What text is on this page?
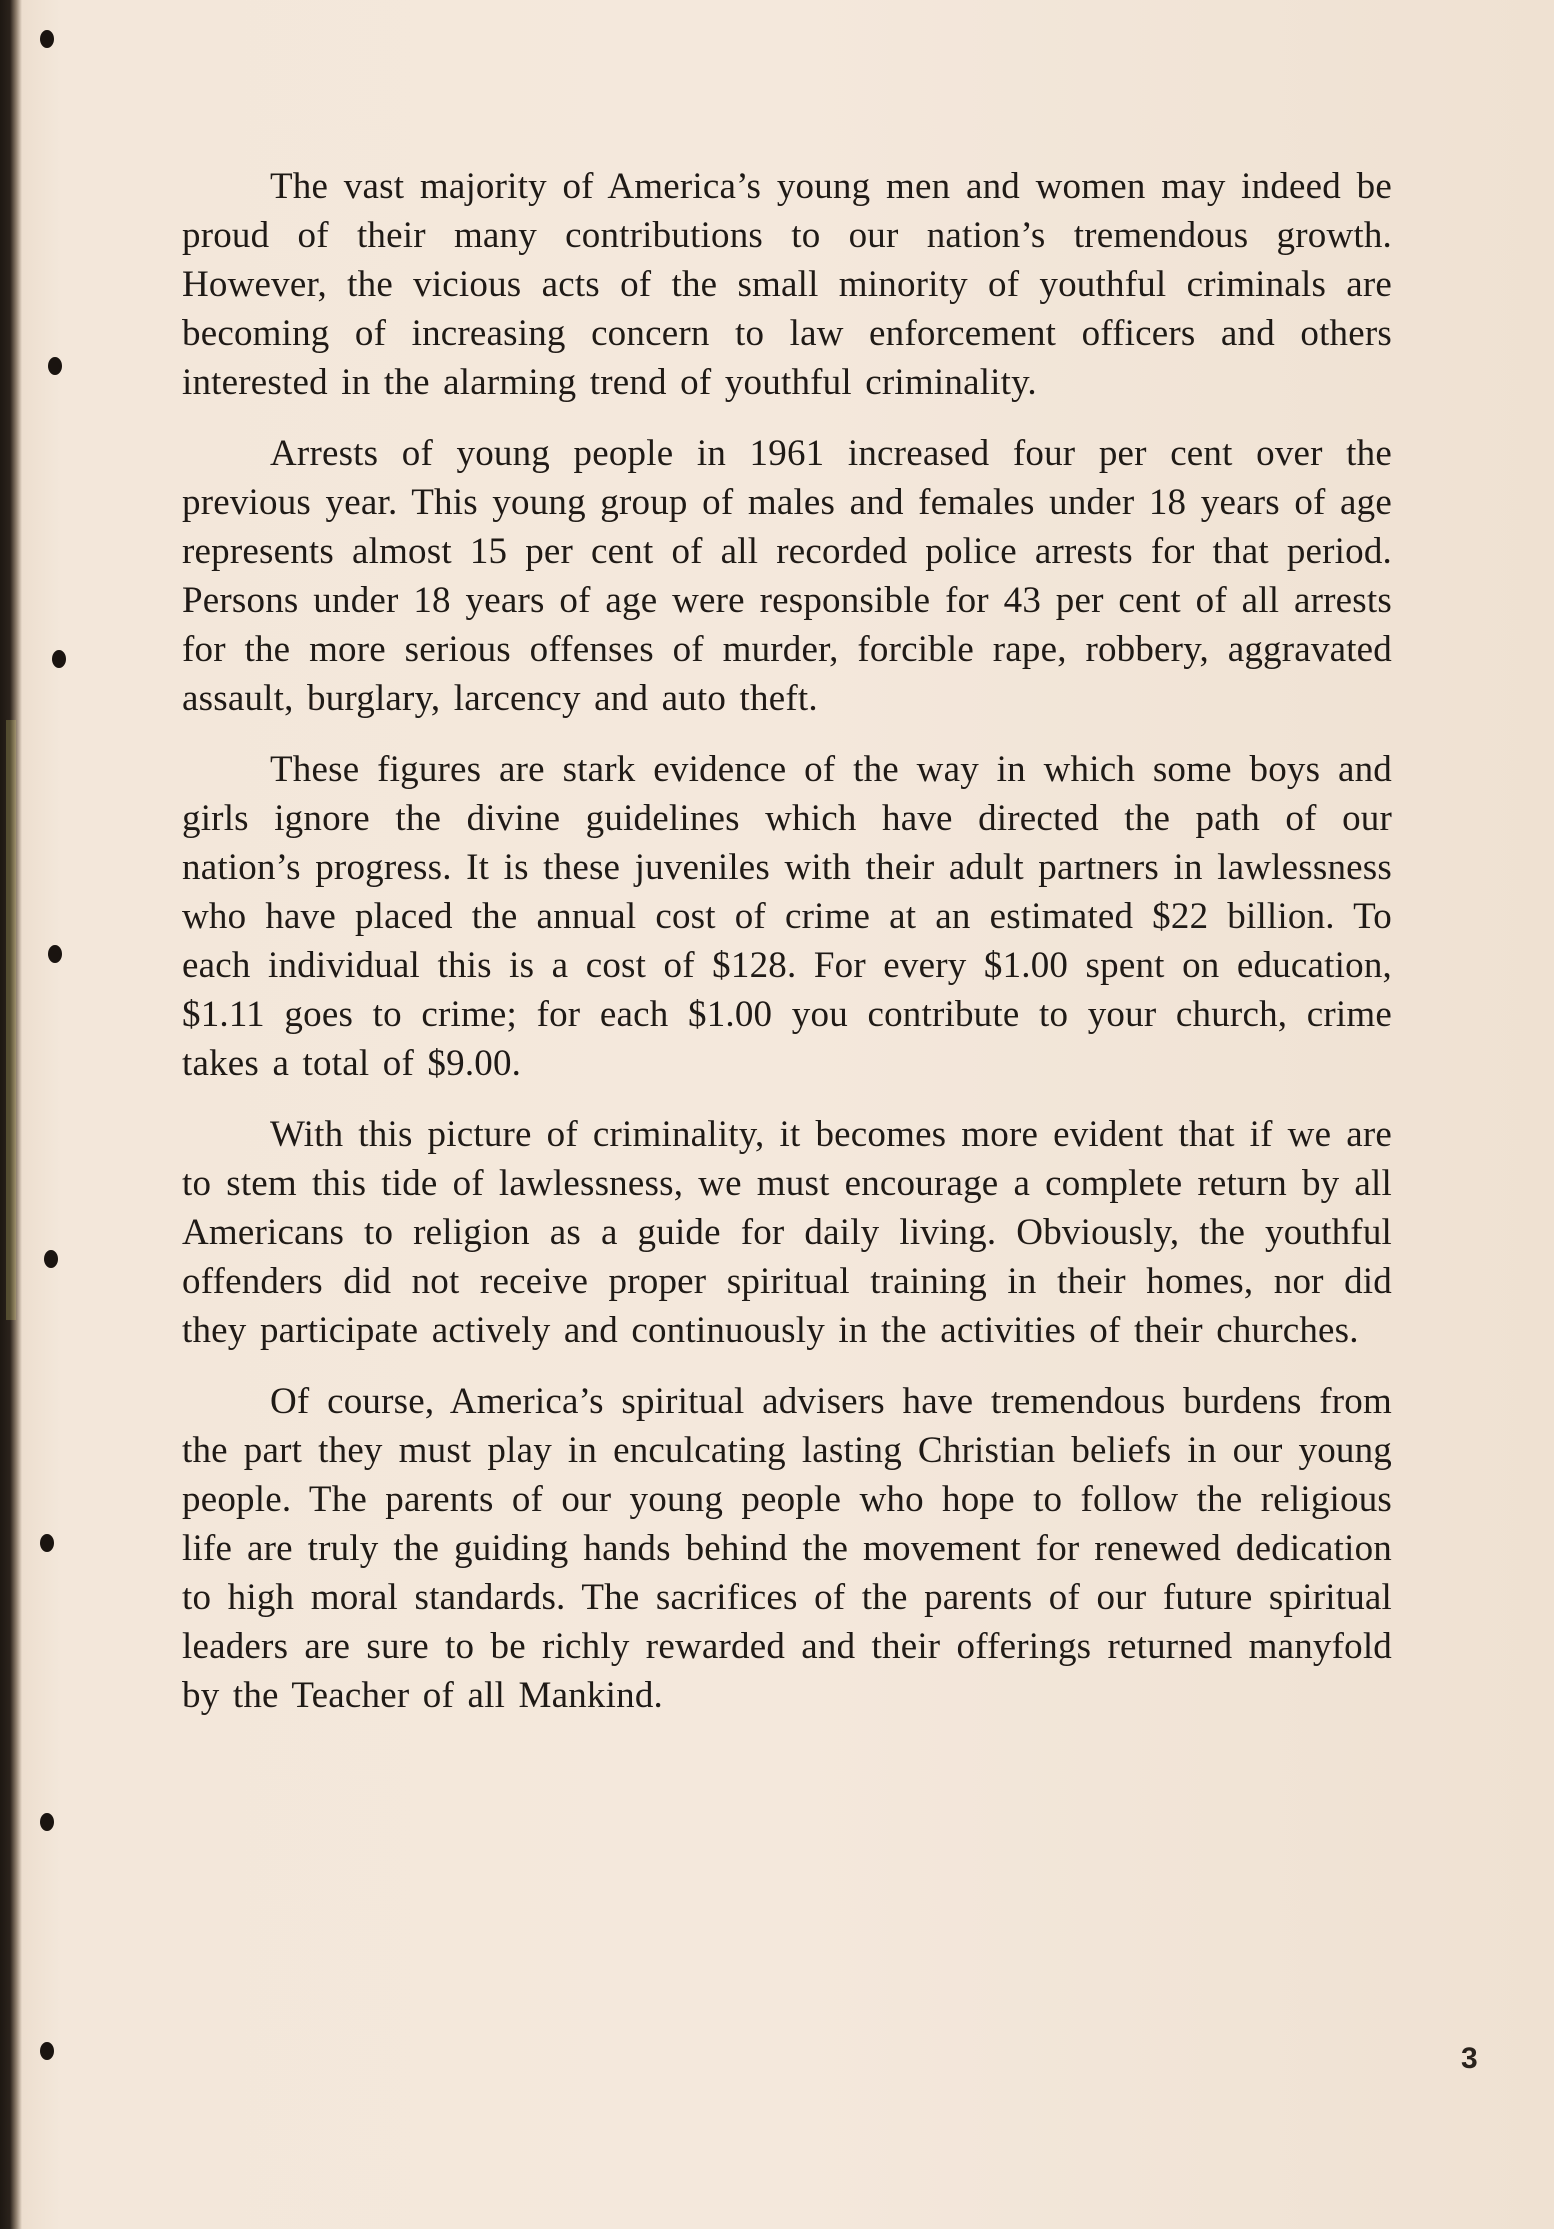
The vast majority of America’s young men and women may indeed be proud of their many contributions to our nation’s tremendous growth. However, the vicious acts of the small minority of youthful criminals are becoming of increasing concern to law enforcement officers and others interested in the alarming trend of youthful criminality.

Arrests of young people in 1961 increased four per cent over the previous year. This young group of males and females under 18 years of age represents almost 15 per cent of all recorded police arrests for that period. Persons under 18 years of age were responsible for 43 per cent of all arrests for the more serious offenses of murder, forcible rape, robbery, aggravated assault, burglary, larcency and auto theft.

These figures are stark evidence of the way in which some boys and girls ignore the divine guidelines which have directed the path of our nation’s progress. It is these juveniles with their adult partners in lawlessness who have placed the annual cost of crime at an estimated $22 billion. To each individual this is a cost of $128. For every $1.00 spent on education, $1.11 goes to crime; for each $1.00 you contribute to your church, crime takes a total of $9.00.

With this picture of criminality, it becomes more evident that if we are to stem this tide of lawlessness, we must encourage a complete return by all Americans to religion as a guide for daily living. Obviously, the youthful offenders did not receive proper spiritual training in their homes, nor did they participate actively and continuously in the activities of their churches.

Of course, America’s spiritual advisers have tremendous burdens from the part they must play in enculcating lasting Christian beliefs in our young people. The parents of our young people who hope to follow the religious life are truly the guiding hands behind the movement for renewed dedication to high moral standards. The sacrifices of the parents of our future spiritual leaders are sure to be richly rewarded and their offerings returned manyfold by the Teacher of all Mankind.

3
